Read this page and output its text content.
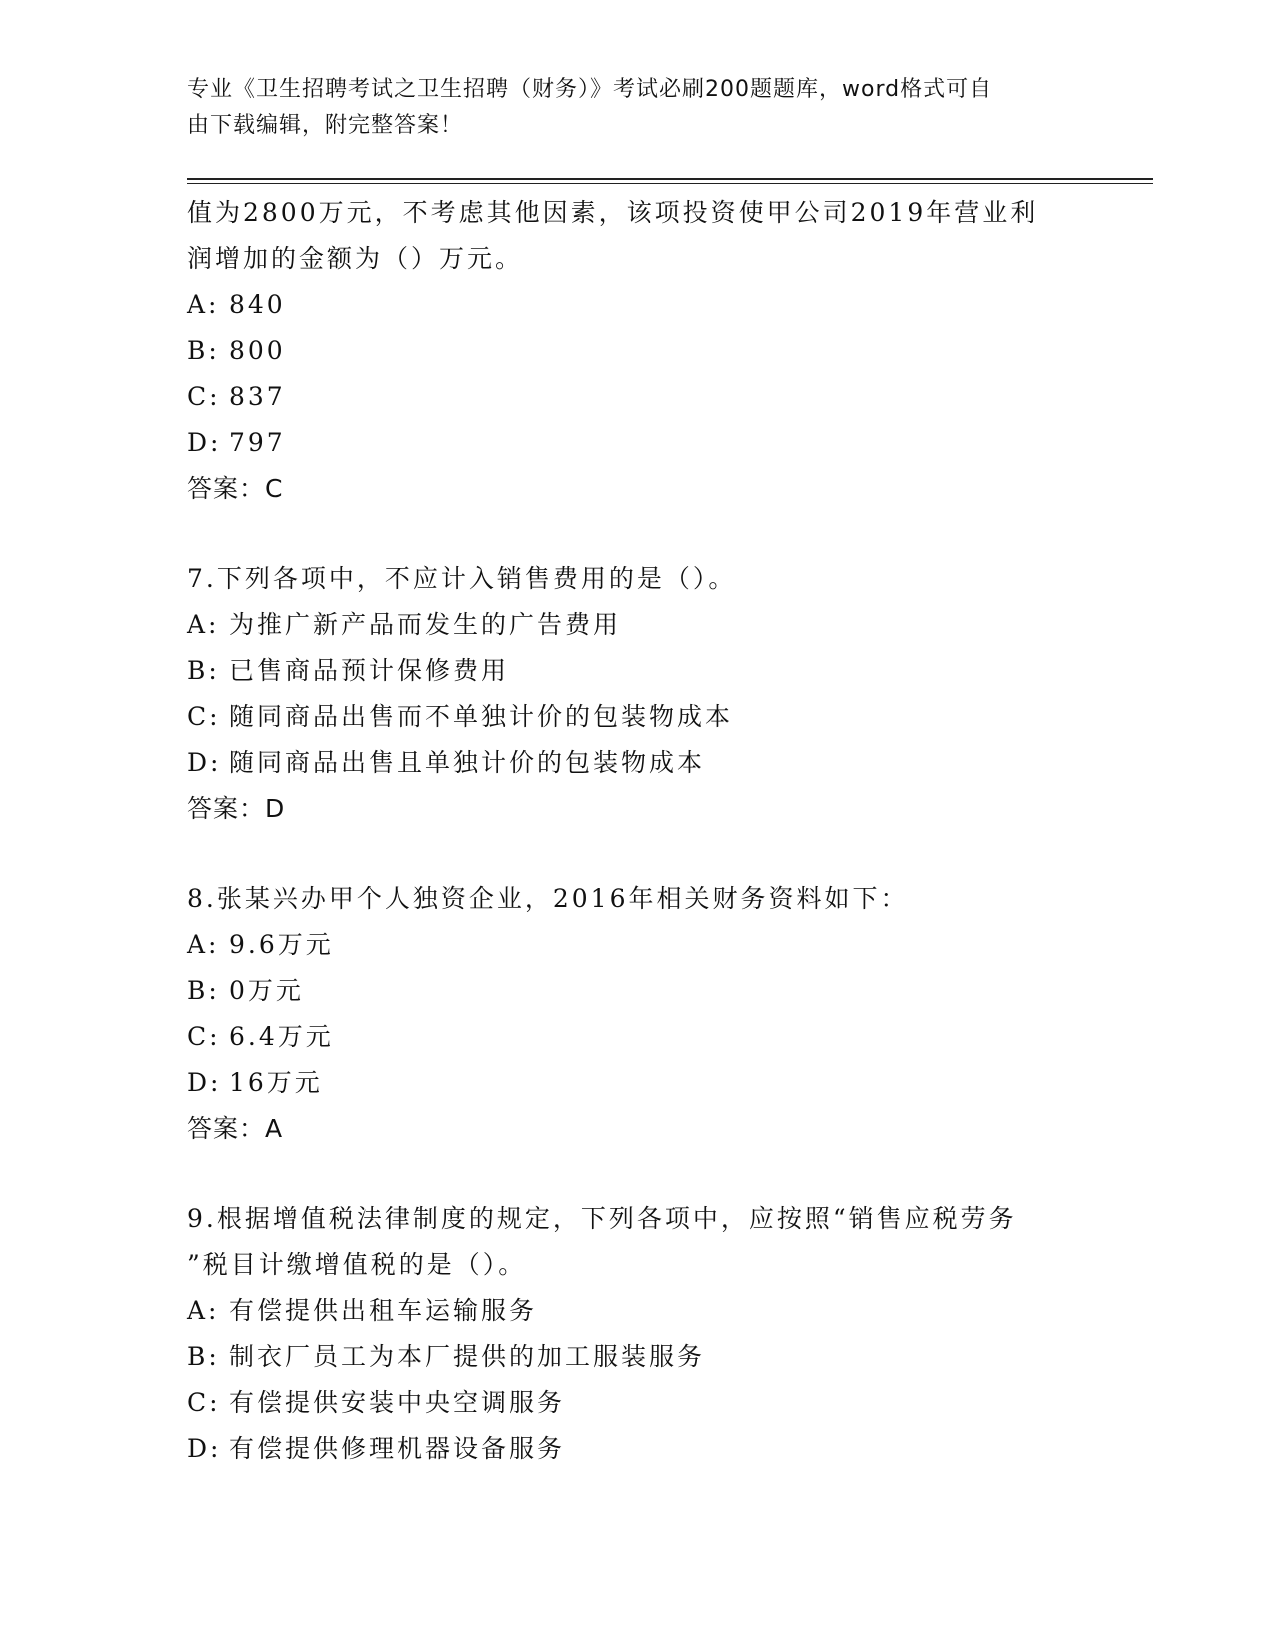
专业《卫生招聘考试之卫生招聘（财务）》考试必刷200题题库，word格式可自
由下载编辑，附完整答案！
值为2800万元，不考虑其他因素，该项投资使甲公司2019年营业利
润增加的金额为（）万元。
A: 840
B: 800
C: 837
D: 797
答案：C
7.下列各项中，不应计入销售费用的是（）。
A: 为推广新产品而发生的广告费用
B: 已售商品预计保修费用
C: 随同商品出售而不单独计价的包装物成本
D: 随同商品出售且单独计价的包装物成本
答案：D
8.张某兴办甲个人独资企业，2016年相关财务资料如下：
A: 9.6万元
B: 0万元
C: 6.4万元
D: 16万元
答案：A
9.根据增值税法律制度的规定，下列各项中，应按照“销售应税劳务
”税目计缴增值税的是（）。
A: 有偿提供出租车运输服务
B: 制衣厂员工为本厂提供的加工服装服务
C: 有偿提供安装中央空调服务
D: 有偿提供修理机器设备服务
